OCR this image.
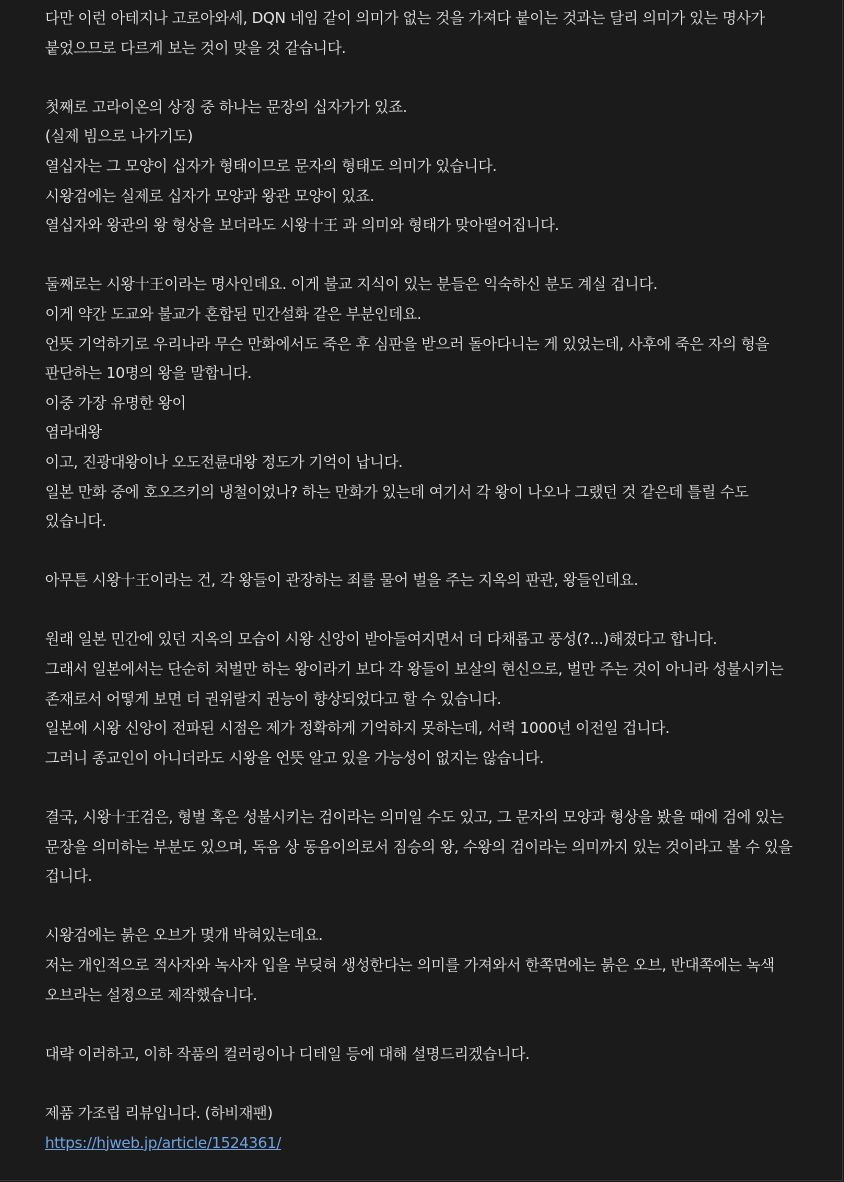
다만 이런 아테지나 고로아와세, DQN 네임 같이 의미가 없는 것을 가져다 붙이는 것과는 달리 의미가 있는 명사가 붙었으므로 다르게 보는 것이 맞을 것 같습니다.

첫째로 고라이온의 상징 중 하나는 문장의 십자가가 있죠.

(실제 빔으로 나가기도)

열십자는 그 모양이 십자가 형태이므로 문자의 형태도 의미가 있습니다.

시왕검에는 실제로 십자가 모양과 왕관 모양이 있죠.

열십자와 왕관의 왕 형상을 보더라도 시왕十王 과 의미와 형태가 맞아떨어집니다.

둘째로는 시왕十王이라는 명사인데요. 이게 불교 지식이 있는 분들은 익숙하신 분도 계실 겁니다.

이게 약간 도교와 불교가 혼합된 민간설화 같은 부분인데요.

언뜻 기억하기로 우리나라 무슨 만화에서도 죽은 후 심판을 받으러 돌아다니는 게 있었는데, 사후에 죽은 자의 형을 판단하는 10명의 왕을 말합니다.

이중 가장 유명한 왕이

염라대왕

이고, 진광대왕이나 오도전륜대왕 정도가 기억이 납니다.

일본 만화 중에 호오즈키의 냉철이었나? 하는 만화가 있는데 여기서 각 왕이 나오나 그랬던 것 같은데 틀릴 수도 있습니다.

아무튼 시왕十王이라는 건, 각 왕들이 관장하는 죄를 물어 벌을 주는 지옥의 판관, 왕들인데요.

원래 일본 민간에 있던 지옥의 모습이 시왕 신앙이 받아들여지면서 더 다채롭고 풍성(?...)해졌다고 합니다.

그래서 일본에서는 단순히 처벌만 하는 왕이라기 보다 각 왕들이 보살의 현신으로, 벌만 주는 것이 아니라 성불시키는 존재로서 어떻게 보면 더 권위랄지 권능이 향상되었다고 할 수 있습니다.

일본에 시왕 신앙이 전파된 시점은 제가 정확하게 기억하지 못하는데, 서력 1000년 이전일 겁니다.

그러니 종교인이 아니더라도 시왕을 언뜻 알고 있을 가능성이 없지는 않습니다.

결국, 시왕十王검은, 형벌 혹은 성불시키는 검이라는 의미일 수도 있고, 그 문자의 모양과 형상을 봤을 때에 검에 있는 문장을 의미하는 부분도 있으며, 독음 상 동음이의로서 짐승의 왕, 수왕의 검이라는 의미까지 있는 것이라고 볼 수 있을 겁니다.

시왕검에는 붉은 오브가 몇개 박혀있는데요.

저는 개인적으로 적사자와 녹사자 입을 부딪혀 생성한다는 의미를 가져와서 한쪽면에는 붉은 오브, 반대쪽에는 녹색 오브라는 설정으로 제작했습니다.

대략 이러하고, 이하 작품의 컬러링이나 디테일 등에 대해 설명드리겠습니다.

제품 가조립 리뷰입니다. (하비재팬)

https://hjweb.jp/article/1524361/
